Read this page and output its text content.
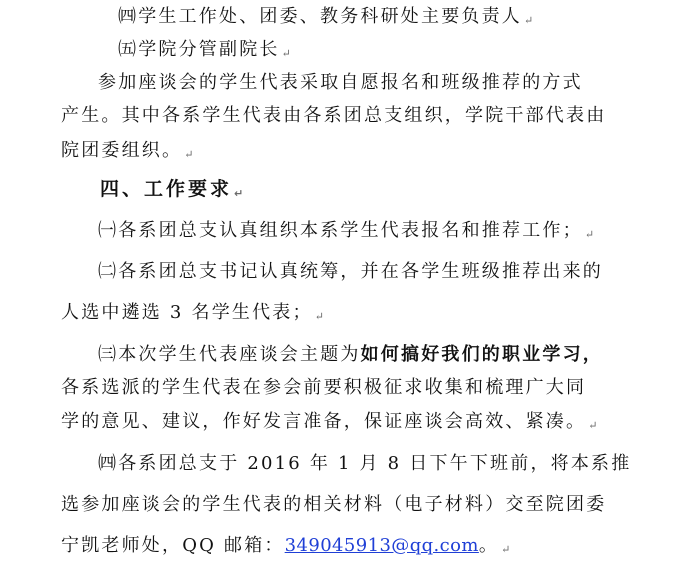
㈣学生工作处、团委、教务科研处主要负责人 ↵
㈤学院分管副院长 ↵
参加座谈会的学生代表采取自愿报名和班级推荐的方式
产生。其中各系学生代表由各系团总支组织，学院干部代表由
院团委组织。 ↵
四、工作要求 ↵
㈠各系团总支认真组织本系学生代表报名和推荐工作； ↵
㈡各系团总支书记认真统筹，并在各学生班级推荐出来的
人选中遴选 3 名学生代表； ↵
㈢本次学生代表座谈会主题为如何搞好我们的职业学习，
各系选派的学生代表在参会前要积极征求收集和梳理广大同
学的意见、建议，作好发言准备，保证座谈会高效、紧凑。 ↵
㈣各系团总支于 2016 年 1 月 8 日下午下班前，将本系推
选参加座谈会的学生代表的相关材料（电子材料）交至院团委
宁凯老师处，QQ 邮箱：349045913@qq.com。 ↵
